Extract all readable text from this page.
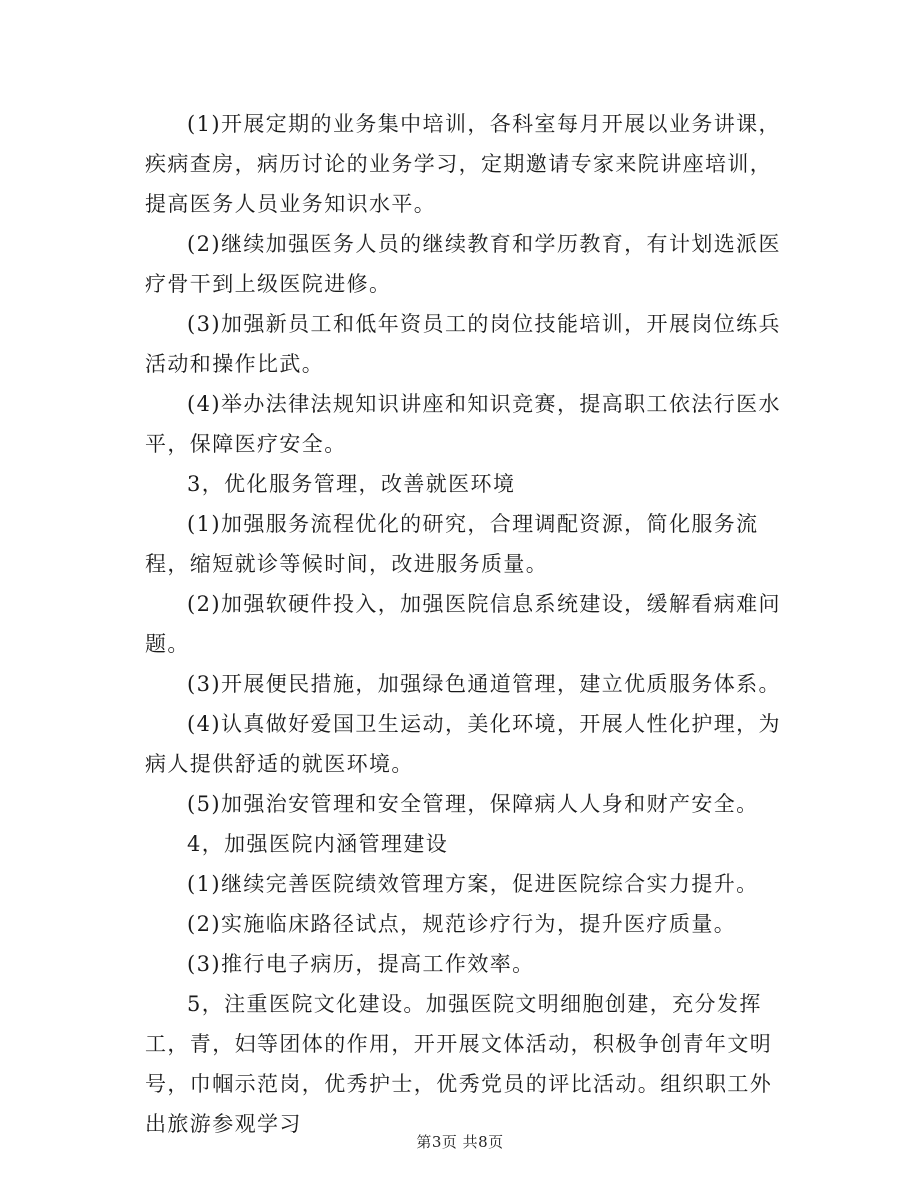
(1)开展定期的业务集中培训，各科室每月开展以业务讲课，疾病查房，病历讨论的业务学习，定期邀请专家来院讲座培训，提高医务人员业务知识水平。

(2)继续加强医务人员的继续教育和学历教育，有计划选派医疗骨干到上级医院进修。

(3)加强新员工和低年资员工的岗位技能培训，开展岗位练兵活动和操作比武。

(4)举办法律法规知识讲座和知识竞赛，提高职工依法行医水平，保障医疗安全。

3，优化服务管理，改善就医环境

(1)加强服务流程优化的研究，合理调配资源，简化服务流程，缩短就诊等候时间，改进服务质量。

(2)加强软硬件投入，加强医院信息系统建设，缓解看病难问题。

(3)开展便民措施，加强绿色通道管理，建立优质服务体系。

(4)认真做好爱国卫生运动，美化环境，开展人性化护理，为病人提供舒适的就医环境。

(5)加强治安管理和安全管理，保障病人人身和财产安全。

4，加强医院内涵管理建设

(1)继续完善医院绩效管理方案，促进医院综合实力提升。

(2)实施临床路径试点，规范诊疗行为，提升医疗质量。

(3)推行电子病历，提高工作效率。

5，注重医院文化建设。加强医院文明细胞创建，充分发挥工，青，妇等团体的作用，开开展文体活动，积极争创青年文明号，巾帼示范岗，优秀护士，优秀党员的评比活动。组织职工外出旅游参观学习

第3页 共8页
